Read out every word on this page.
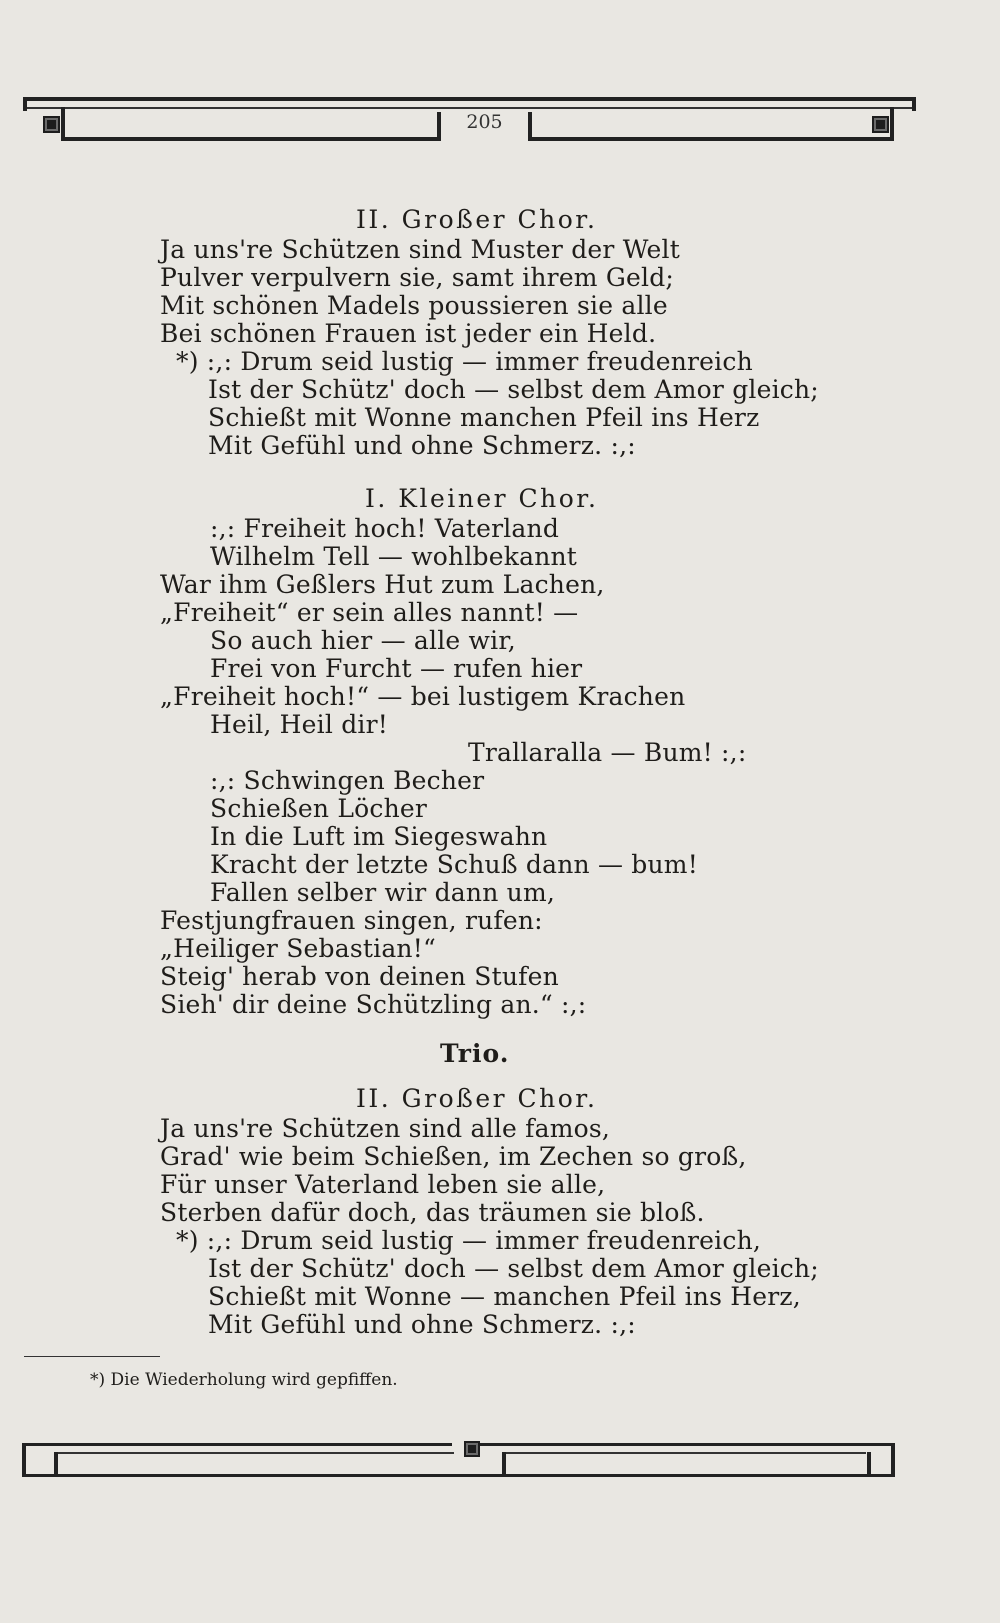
205
II. Großer Chor.
Ja uns're Schützen sind Muster der Welt
Pulver verpulvern sie, samt ihrem Geld;
Mit schönen Madels poussieren sie alle
Bei schönen Frauen ist jeder ein Held.
*) :,: Drum seid lustig — immer freudenreich
Ist der Schütz' doch — selbst dem Amor gleich;
Schießt mit Wonne manchen Pfeil ins Herz
Mit Gefühl und ohne Schmerz. :,:
I. Kleiner Chor.
:,: Freiheit hoch! Vaterland
Wilhelm Tell — wohlbekannt
War ihm Geßlers Hut zum Lachen,
„Freiheit“ er sein alles nannt! —
So auch hier — alle wir,
Frei von Furcht — rufen hier
„Freiheit hoch!“ — bei lustigem Krachen
Heil, Heil dir!
Trallaralla — Bum! :,:
:,: Schwingen Becher
Schießen Löcher
In die Luft im Siegeswahn
Kracht der letzte Schuß dann — bum!
Fallen selber wir dann um,
Festjungfrauen singen, rufen:
„Heiliger Sebastian!“
Steig' herab von deinen Stufen
Sieh' dir deine Schützling an.“ :,:
Trio.
II. Großer Chor.
Ja uns're Schützen sind alle famos,
Grad' wie beim Schießen, im Zechen so groß,
Für unser Vaterland leben sie alle,
Sterben dafür doch, das träumen sie bloß.
*) :,: Drum seid lustig — immer freudenreich,
Ist der Schütz' doch — selbst dem Amor gleich;
Schießt mit Wonne — manchen Pfeil ins Herz,
Mit Gefühl und ohne Schmerz. :,:
*) Die Wiederholung wird gepfiffen.
